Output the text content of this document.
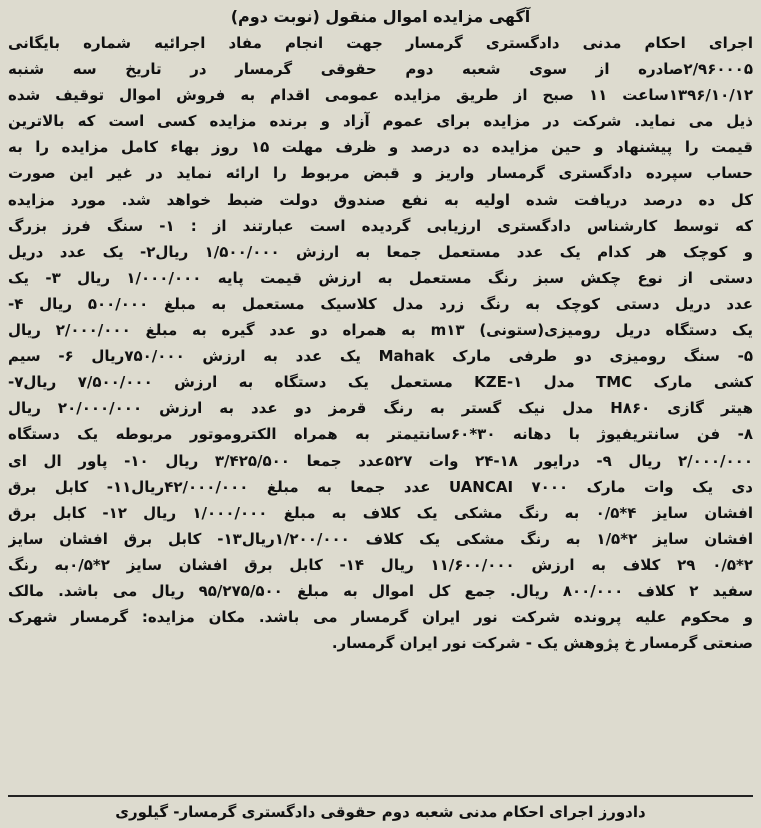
آگهی مزایده اموال منقول (نوبت دوم)
اجرای احکام مدنی دادگستری گرمسار جهت انجام مفاد اجرائیه شماره بایگانی
۲/۹۶۰۰۰۵صادره از سوی شعبه دوم حقوقی گرمسار در تاریخ سه شنبه
۱۳۹۶/۱۰/۱۲ساعت ۱۱ صبح از طریق مزایده عمومی اقدام به فروش اموال توقیف شده
ذیل می نماید. شرکت در مزایده برای عموم آزاد و برنده مزایده کسی است که بالاترین
قیمت را پیشنهاد و حین مزایده ده درصد و ظرف مهلت ۱۵ روز بهاء کامل مزایده را به
حساب سپرده دادگستری گرمسار واریز و قبض مربوط را ارائه نماید در غیر این صورت
کل ده درصد دریافت شده اولیه به نفع صندوق دولت ضبط خواهد شد. مورد مزایده
که توسط کارشناس دادگستری ارزیابی گردیده است عبارتند از : ۱- سنگ فرز بزرگ
و کوچک هر کدام یک عدد مستعمل جمعا به ارزش ۱/۵۰۰/۰۰۰ ریال۲- یک عدد دریل
دستی از نوع چکش سبز رنگ مستعمل به ارزش قیمت پایه ۱/۰۰۰/۰۰۰ ریال ۳- یک
عدد دریل دستی کوچک به رنگ زرد مدل کلاسیک مستعمل به مبلغ ۵۰۰/۰۰۰ ریال ۴-
یک دستگاه دریل رومیزی(ستونی) m۱۳ به همراه دو عدد گیره به مبلغ ۲/۰۰۰/۰۰۰ ریال
۵- سنگ رومیزی دو طرفی مارک Mahak یک عدد به ارزش ۷۵۰/۰۰۰ریال ۶- سیم
کشی مارک TMC مدل KZE-۱ مستعمل یک دستگاه به ارزش ۷/۵۰۰/۰۰۰ ریال۷-
هیتر گازی H۸۶۰ مدل نیک گستر به رنگ قرمز دو عدد به ارزش ۲۰/۰۰۰/۰۰۰ ریال
۸- فن سانتریفیوژ با دهانه ۳۰*۶۰سانتیمتر به همراه الکتروموتور مربوطه یک دستگاه
۲/۰۰۰/۰۰۰ ریال ۹- درایور ۱۸-۲۴ وات ۵۲۷عدد جمعا ۳/۴۲۵/۵۰۰ ریال ۱۰- پاور ال ای
دی یک وات مارک UANCAI ۷۰۰۰ عدد جمعا به مبلغ ۴۲/۰۰۰/۰۰۰ریال۱۱- کابل برق
افشان سایز ۴*۰/۵ به رنگ مشکی یک کلاف به مبلغ ۱/۰۰۰/۰۰۰ ریال ۱۲- کابل برق
افشان سایز ۲*۱/۵ به رنگ مشکی یک کلاف ۱/۲۰۰/۰۰۰ریال۱۳- کابل برق افشان سایز
۲*۰/۵ ۲۹ کلاف به ارزش ۱۱/۶۰۰/۰۰۰ ریال ۱۴- کابل برق افشان سایز ۲*۰/۵به رنگ
سفید ۲ کلاف ۸۰۰/۰۰۰ ریال. جمع کل اموال به مبلغ ۹۵/۲۷۵/۵۰۰ ریال می باشد. مالک
و محکوم علیه پرونده شرکت نور ایران گرمسار می باشد. مکان مزایده: گرمسار شهرک
صنعتی گرمسار خ پژوهش یک - شرکت نور ایران گرمسار.
دادورز اجرای احکام مدنی شعبه دوم حقوقی دادگستری گرمسار- گیلوری
